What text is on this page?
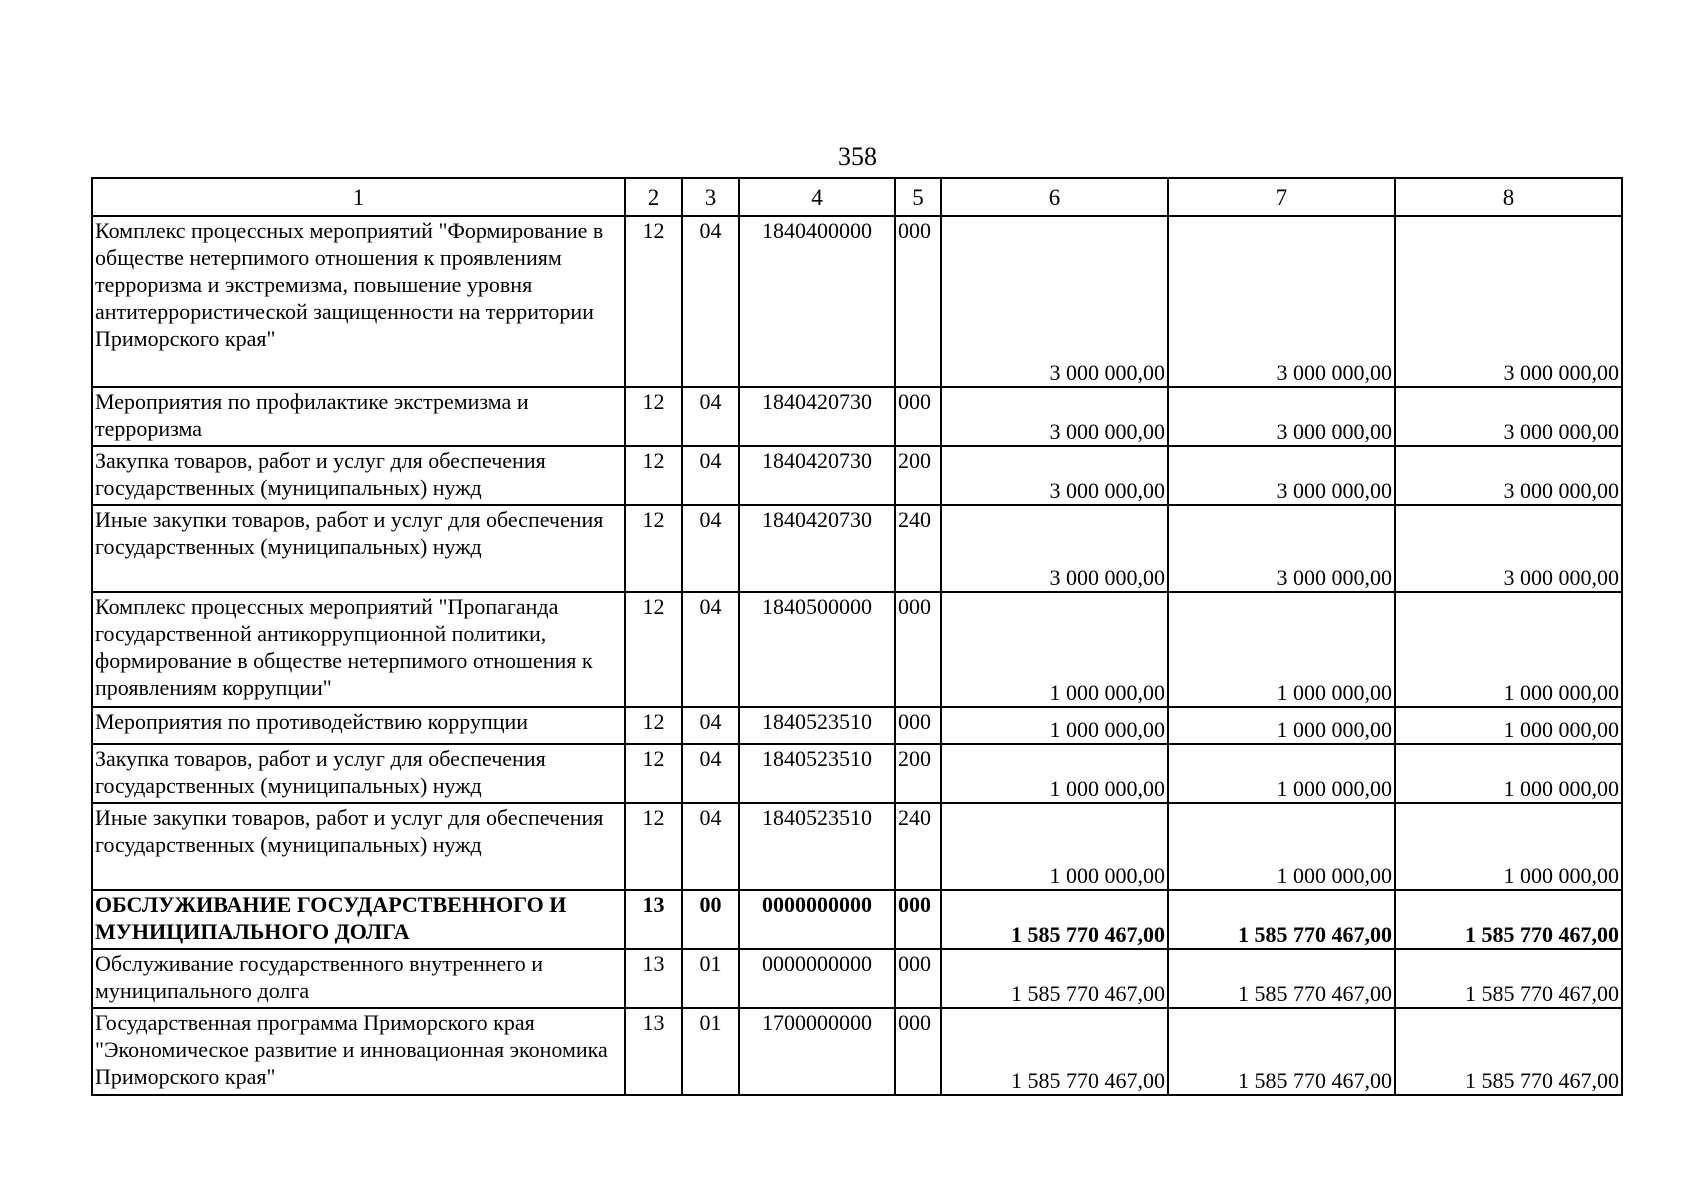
358
1	2	3	4	5	6	7	8
Комплекс процессных мероприятий "Формирование в обществе нетерпимого отношения к проявлениям терроризма и экстремизма, повышение уровня антитеррористической защищенности на территории Приморского края"	12	04	1840400000	000	3 000 000,00	3 000 000,00	3 000 000,00
Мероприятия по профилактике экстремизма и терроризма	12	04	1840420730	000	3 000 000,00	3 000 000,00	3 000 000,00
Закупка товаров, работ и услуг для обеспечения государственных (муниципальных) нужд	12	04	1840420730	200	3 000 000,00	3 000 000,00	3 000 000,00
Иные закупки товаров, работ и услуг для обеспечения государственных (муниципальных) нужд	12	04	1840420730	240	3 000 000,00	3 000 000,00	3 000 000,00
Комплекс процессных мероприятий "Пропаганда государственной антикоррупционной политики, формирование в обществе нетерпимого отношения к проявлениям коррупции"	12	04	1840500000	000	1 000 000,00	1 000 000,00	1 000 000,00
Мероприятия по противодействию коррупции	12	04	1840523510	000	1 000 000,00	1 000 000,00	1 000 000,00
Закупка товаров, работ и услуг для обеспечения государственных (муниципальных) нужд	12	04	1840523510	200	1 000 000,00	1 000 000,00	1 000 000,00
Иные закупки товаров, работ и услуг для обеспечения государственных (муниципальных) нужд	12	04	1840523510	240	1 000 000,00	1 000 000,00	1 000 000,00
ОБСЛУЖИВАНИЕ ГОСУДАРСТВЕННОГО И МУНИЦИПАЛЬНОГО ДОЛГА	13	00	0000000000	000	1 585 770 467,00	1 585 770 467,00	1 585 770 467,00
Обслуживание государственного внутреннего и муниципального долга	13	01	0000000000	000	1 585 770 467,00	1 585 770 467,00	1 585 770 467,00
Государственная программа Приморского края "Экономическое развитие и инновационная экономика Приморского края"	13	01	1700000000	000	1 585 770 467,00	1 585 770 467,00	1 585 770 467,00
